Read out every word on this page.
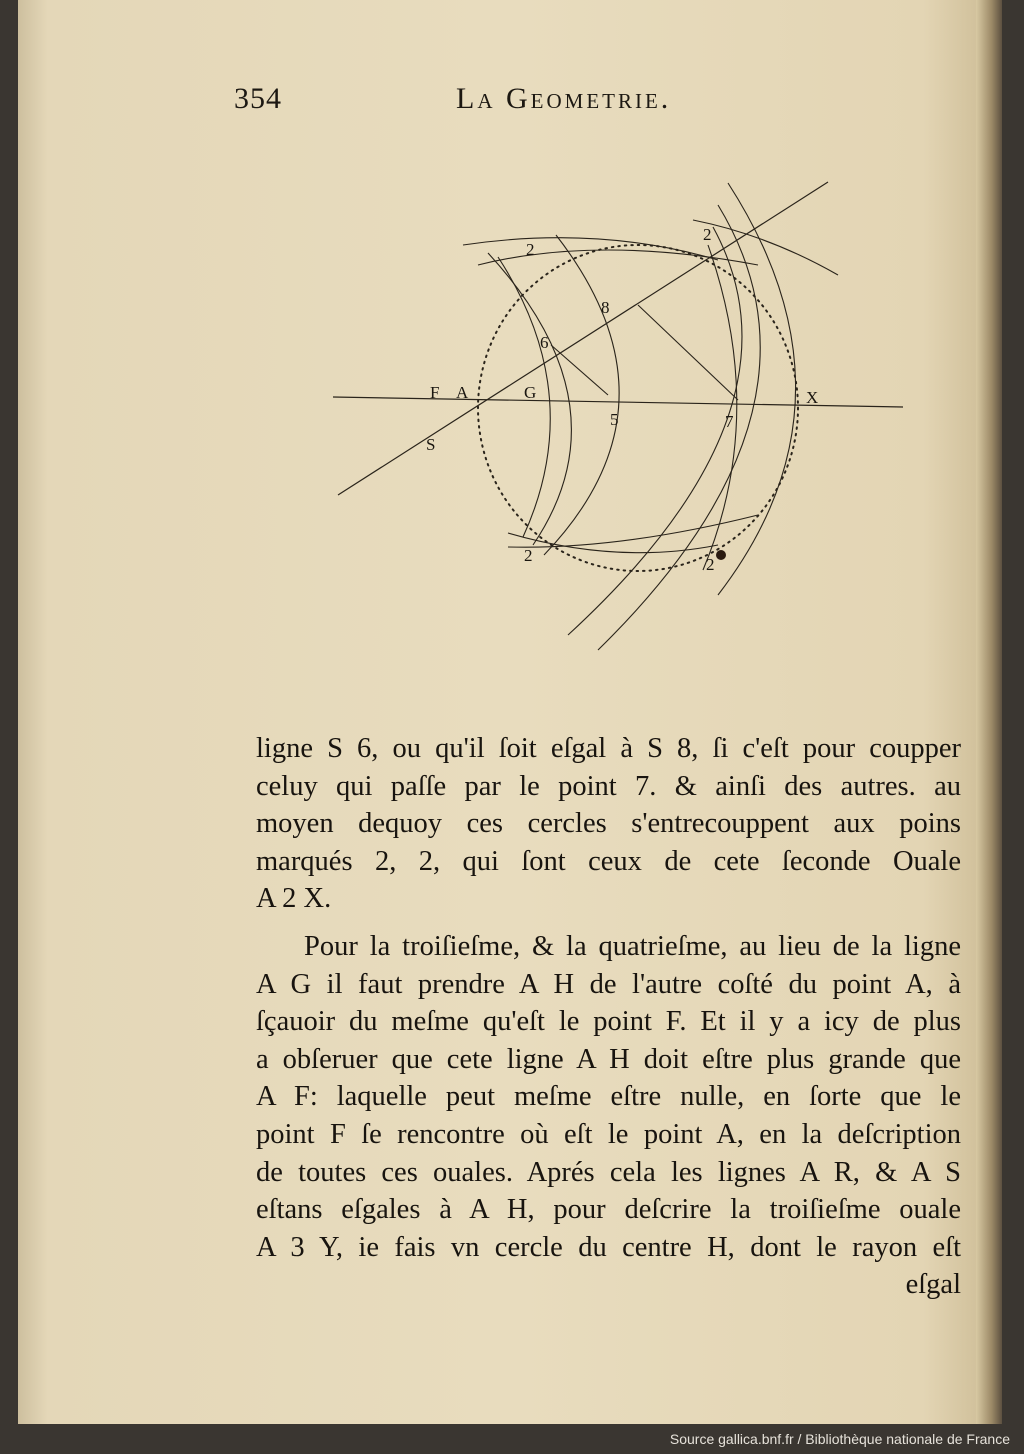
354	La Geometrie.
2
2
8
6
F A	G
5	7
X
S
2	2
ligne S 6, ou qu'il ſoit eſgal à S 8, ſi c'eſt pour coupper
celuy qui paſſe par le point 7. & ainſi des autres. au
moyen dequoy ces cercles s'entrecouppent aux poins
marqués 2, 2, qui ſont ceux de cete ſeconde Ouale
A 2 X.
Pour la troiſieſme, & la quatrieſme, au lieu de la ligne
A G il faut prendre A H de l'autre coſté du point A, à
ſçauoir du meſme qu'eſt le point F. Et il y a icy de plus
a obſeruer que cete ligne A H doit eſtre plus grande que
A F: laquelle peut meſme eſtre nulle, en ſorte que le
point F ſe rencontre où eſt le point A, en la deſcription
de toutes ces ouales. Aprés cela les lignes A R, & A S
eſtans eſgales à A H, pour deſcrire la troiſieſme ouale
A 3 Y, ie fais vn cercle du centre H, dont le rayon eſt
eſgal
Source gallica.bnf.fr / Bibliothèque nationale de France
